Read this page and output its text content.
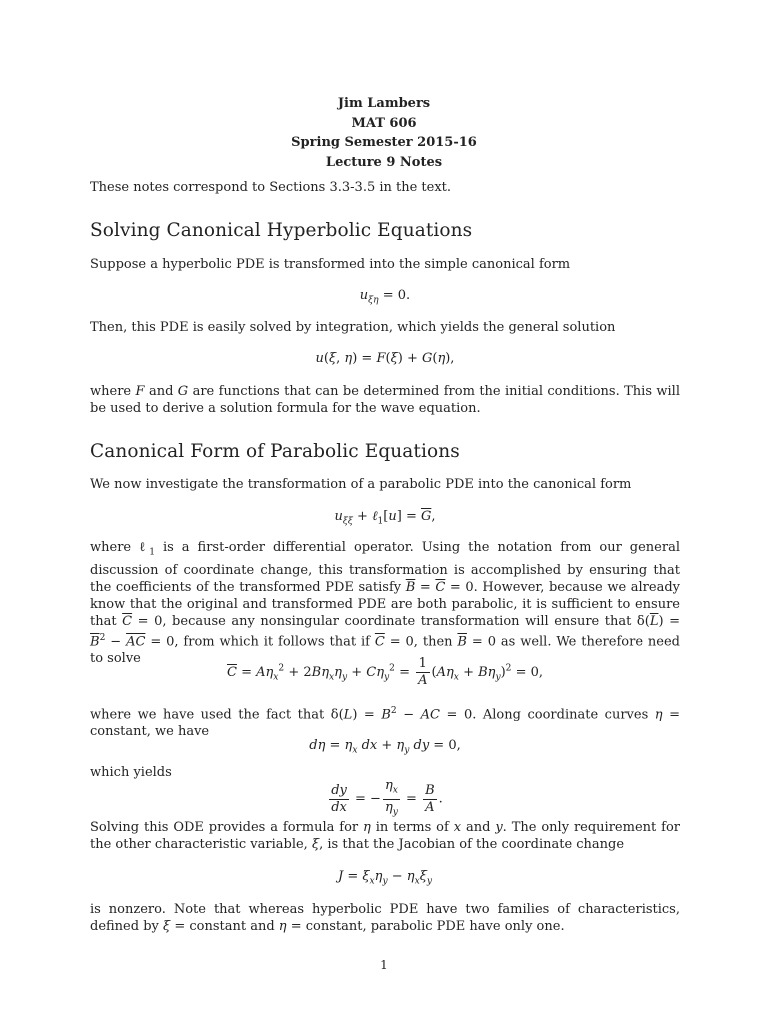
Jim Lambers
MAT 606
Spring Semester 2015-16
Lecture 9 Notes
These notes correspond to Sections 3.3-3.5 in the text.
Solving Canonical Hyperbolic Equations
Suppose a hyperbolic PDE is transformed into the simple canonical form
$u_{\xi\eta} = 0$.
Then, this PDE is easily solved by integration, which yields the general solution
u(ξ, η) = F(ξ) + G(η),
where F and G are functions that can be determined from the initial conditions. This will be used to derive a solution formula for the wave equation.
Canonical Form of Parabolic Equations
We now investigate the transformation of a parabolic PDE into the canonical form
$u_{\xi\xi}$ + ℓ$_1$[u] = $\overline{G}$,
where ℓ$_1$ is a first-order differential operator. Using the notation from our general discussion of coordinate change, this transformation is accomplished by ensuring that the coefficients of the transformed PDE satisfy $\overline{B} = \overline{C} = 0$. However, because we already know that the original and transformed PDE are both parabolic, it is sufficient to ensure that $\overline{C} = 0$, because any nonsingular coordinate transformation will ensure that $\delta(\overline{L}) = \overline{B}^2 - \overline{AC} = 0$, from which it follows that if $\overline{C} = 0$, then $\overline{B} = 0$ as well. We therefore need to solve
$\overline{C} = A\eta_x^2 + 2B\eta_x\eta_y + C\eta_y^2 = \frac{1}{A} (A\eta_x + B\eta_y)^2 = 0$,
where we have used the fact that $\delta(L) = B^2$ − AC = 0. Along coordinate curves η = constant, we have
$d\eta = \eta_x$ dx + $\eta_y$ dy = 0,
which yields
$\frac{dy}{dx}$ = − $\frac{\eta_x}{\eta_y} = \frac{B}{A}$ .
Solving this ODE provides a formula for η in terms of x and y. The only requirement for the other characteristic variable, ξ, is that the Jacobian of the coordinate change
$J = \xi_x\eta_y - \eta_x\xi_y$
is nonzero. Note that whereas hyperbolic PDE have two families of characteristics, defined by ξ = constant and η = constant, parabolic PDE have only one.
1
